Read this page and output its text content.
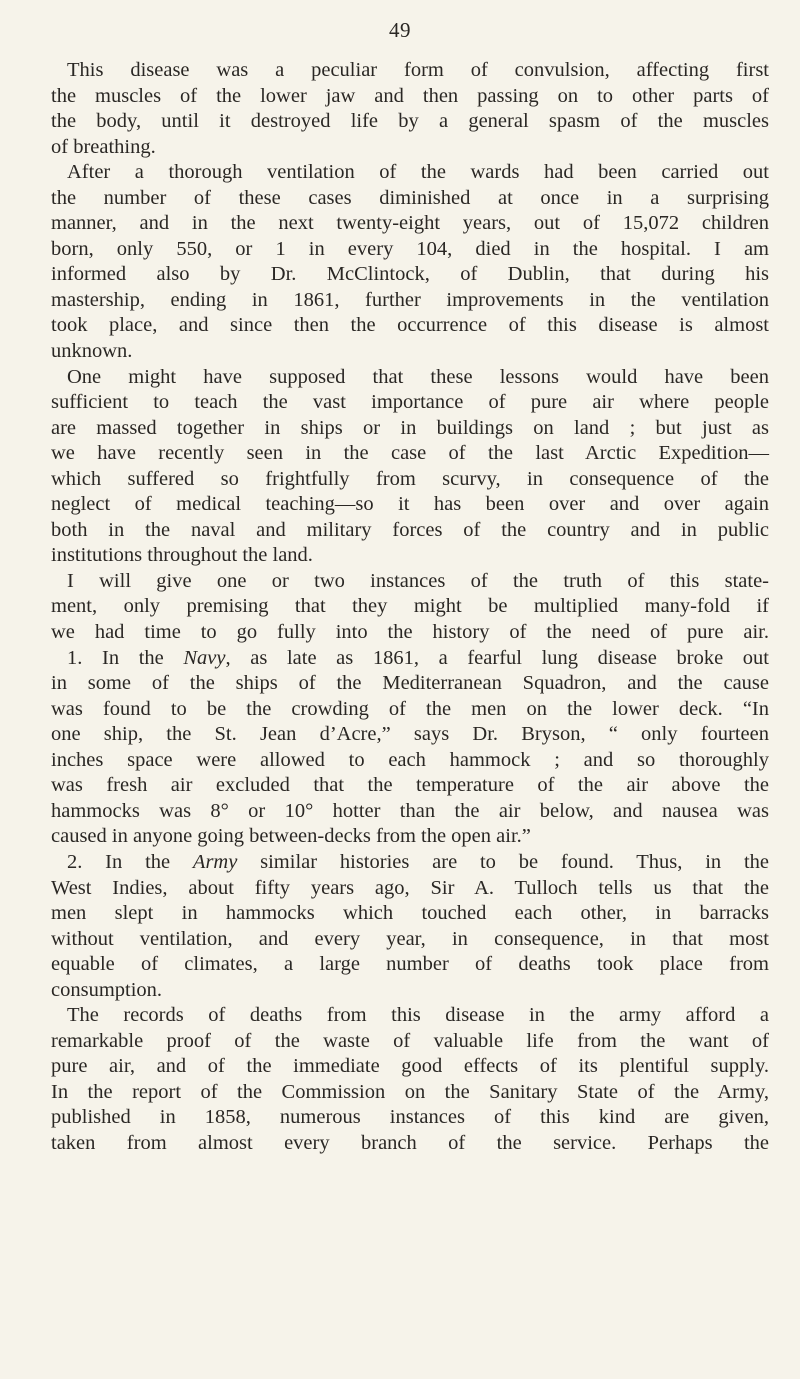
49
This disease was a peculiar form of convulsion, affecting first
the muscles of the lower jaw and then passing on to other parts of
the body, until it destroyed life by a general spasm of the muscles
of breathing.
After a thorough ventilation of the wards had been carried out
the number of these cases diminished at once in a surprising
manner, and in the next twenty-eight years, out of 15,072 children
born, only 550, or 1 in every 104, died in the hospital. I am
informed also by Dr. McClintock, of Dublin, that during his
mastership, ending in 1861, further improvements in the ventilation
took place, and since then the occurrence of this disease is almost
unknown.
One might have supposed that these lessons would have been
sufficient to teach the vast importance of pure air where people
are massed together in ships or in buildings on land ; but just as
we have recently seen in the case of the last Arctic Expedition—
which suffered so frightfully from scurvy, in consequence of the
neglect of medical teaching—so it has been over and over again
both in the naval and military forces of the country and in public
institutions throughout the land.
I will give one or two instances of the truth of this state-
ment, only premising that they might be multiplied many-fold if
we had time to go fully into the history of the need of pure air.
1. In the Navy, as late as 1861, a fearful lung disease broke out
in some of the ships of the Mediterranean Squadron, and the cause
was found to be the crowding of the men on the lower deck. “In
one ship, the St. Jean d’Acre,” says Dr. Bryson, “ only fourteen
inches space were allowed to each hammock ; and so thoroughly
was fresh air excluded that the temperature of the air above the
hammocks was 8° or 10° hotter than the air below, and nausea was
caused in anyone going between-decks from the open air.”
2. In the Army similar histories are to be found. Thus, in the
West Indies, about fifty years ago, Sir A. Tulloch tells us that the
men slept in hammocks which touched each other, in barracks
without ventilation, and every year, in consequence, in that most
equable of climates, a large number of deaths took place from
consumption.
The records of deaths from this disease in the army afford a
remarkable proof of the waste of valuable life from the want of
pure air, and of the immediate good effects of its plentiful supply.
In the report of the Commission on the Sanitary State of the Army,
published in 1858, numerous instances of this kind are given,
taken from almost every branch of the service. Perhaps the
